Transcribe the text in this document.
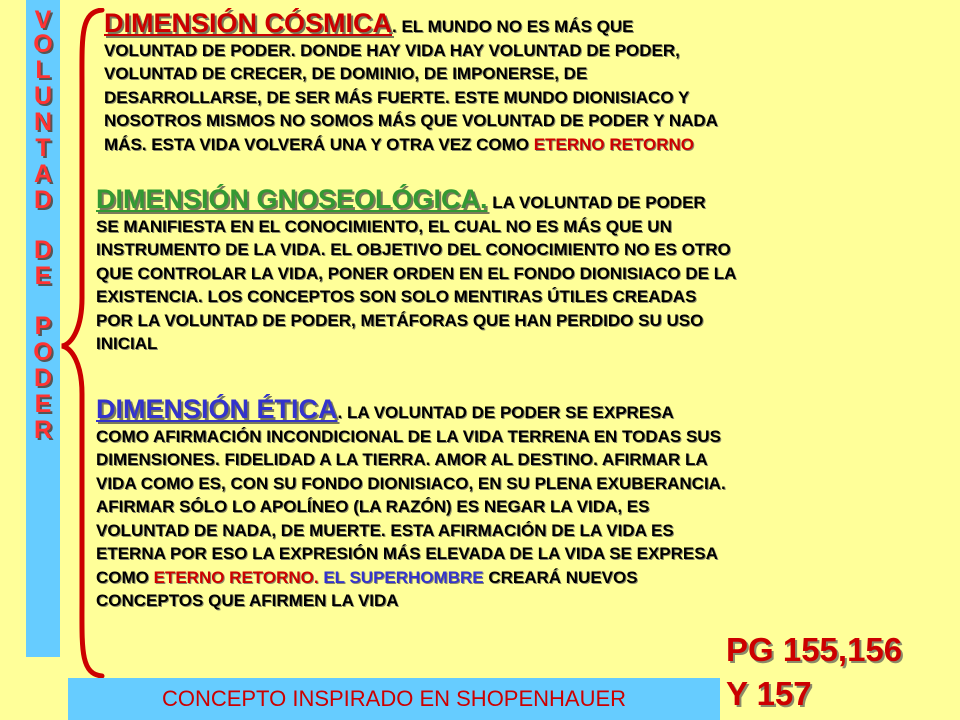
V
O
L
U
N
T
A
D
D
E
P
O
D
E
R
DIMENSIÓN CÓSMICA. EL MUNDO NO ES MÁS QUE
VOLUNTAD DE PODER. DONDE HAY VIDA HAY VOLUNTAD DE PODER,
VOLUNTAD DE CRECER, DE DOMINIO, DE IMPONERSE, DE
DESARROLLARSE, DE SER MÁS FUERTE. ESTE MUNDO DIONISIACO Y
NOSOTROS MISMOS NO SOMOS MÁS QUE VOLUNTAD DE PODER Y NADA
MÁS. ESTA VIDA VOLVERÁ UNA Y OTRA VEZ COMO ETERNO RETORNO
DIMENSIÓN GNOSEOLÓGICA. LA VOLUNTAD DE PODER
SE MANIFIESTA EN EL CONOCIMIENTO, EL CUAL NO ES MÁS QUE UN
INSTRUMENTO DE LA VIDA. EL OBJETIVO DEL CONOCIMIENTO NO ES OTRO
QUE CONTROLAR LA VIDA, PONER ORDEN EN EL FONDO DIONISIACO DE LA
EXISTENCIA. LOS CONCEPTOS SON SOLO MENTIRAS ÚTILES CREADAS
POR LA VOLUNTAD DE PODER, METÁFORAS QUE HAN PERDIDO SU USO
INICIAL
DIMENSIÓN ÉTICA. LA VOLUNTAD DE PODER SE EXPRESA
COMO AFIRMACIÓN INCONDICIONAL DE LA VIDA TERRENA EN TODAS SUS
DIMENSIONES. FIDELIDAD A LA TIERRA. AMOR AL DESTINO. AFIRMAR LA
VIDA COMO ES, CON SU FONDO DIONISIACO, EN SU PLENA EXUBERANCIA.
AFIRMAR SÓLO LO APOLÍNEO (LA RAZÓN) ES NEGAR LA VIDA, ES
VOLUNTAD DE NADA, DE MUERTE. ESTA AFIRMACIÓN DE LA VIDA ES
ETERNA POR ESO LA EXPRESIÓN MÁS ELEVADA DE LA VIDA SE EXPRESA
COMO ETERNO RETORNO. EL SUPERHOMBRE CREARÁ NUEVOS
CONCEPTOS QUE AFIRMEN LA VIDA
CONCEPTO INSPIRADO EN SHOPENHAUER
PG 155,156
Y 157
